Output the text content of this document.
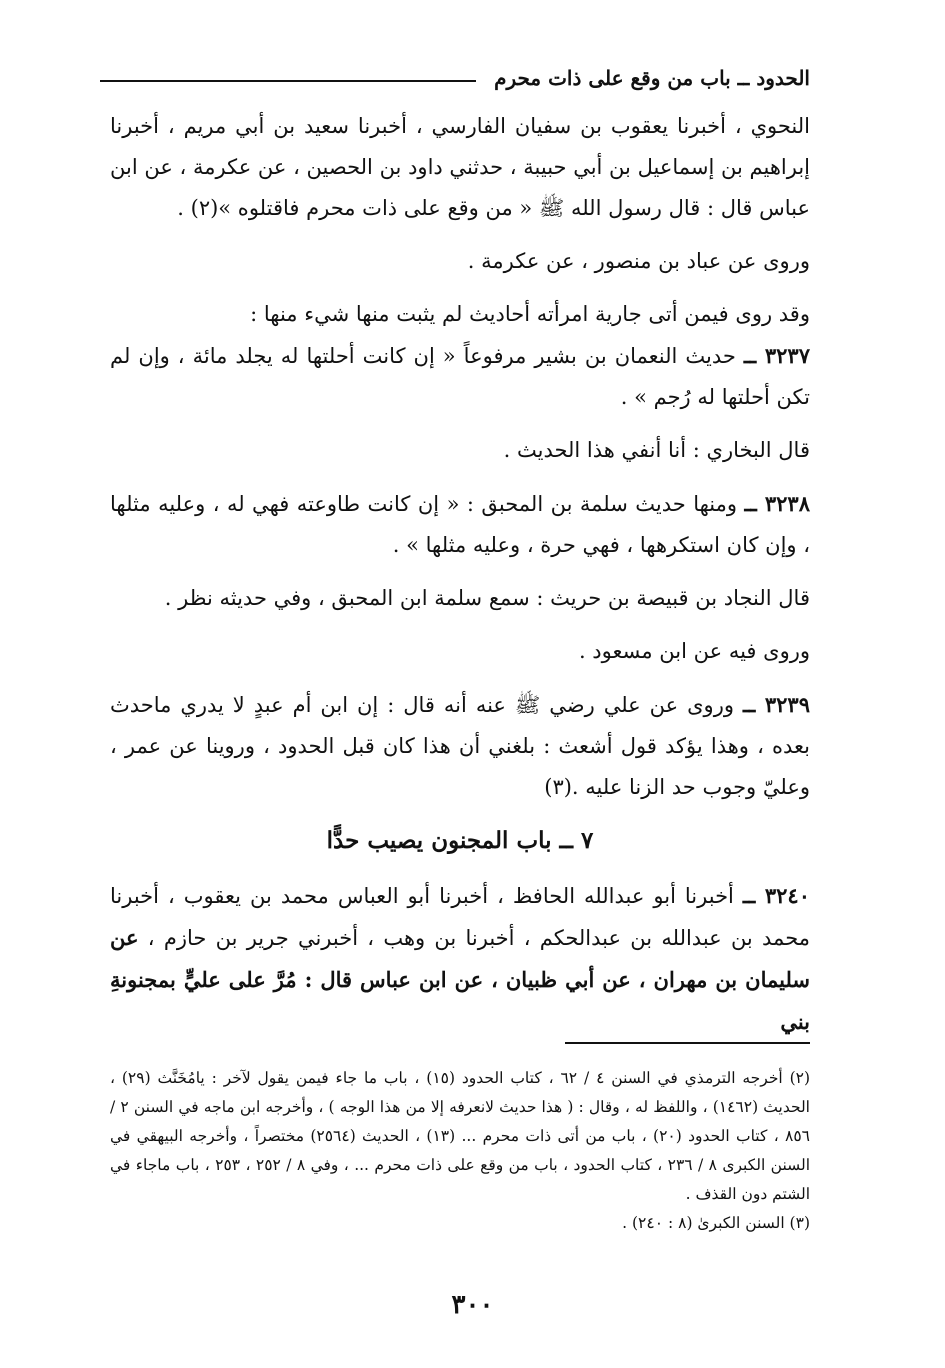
الحدود ــ باب من وقع على ذات محرم

النحوي ، أخبرنا يعقوب بن سفيان الفارسي ، أخبرنا سعيد بن أبي مريم ، أخبرنا إبراهيم بن إسماعيل بن أبي حبيبة ، حدثني داود بن الحصين ، عن عكرمة ، عن ابن عباس قال : قال رسول الله ﷺ « من وقع على ذات محرم فاقتلوه »(٢) .

وروى عن عباد بن منصور ، عن عكرمة .

وقد روى فيمن أتى جارية امرأته أحاديث لم يثبت منها شيء منها :

٣٢٣٧ ــ حديث النعمان بن بشير مرفوعاً « إن كانت أحلتها له يجلد مائة ، وإن لم تكن أحلتها له رُجم » .

قال البخاري : أنا أنفي هذا الحديث .

٣٢٣٨ ــ ومنها حديث سلمة بن المحبق : « إن كانت طاوعته فهي له ، وعليه مثلها ، وإن كان استكرهها ، فهي حرة ، وعليه مثلها » .

قال النجاد بن قبيصة بن حريث : سمع سلمة ابن المحبق ، وفي حديثه نظر .

وروى فيه عن ابن مسعود .

٣٢٣٩ ــ وروى عن علي رضي ﷺ عنه أنه قال : إن ابن أم عبدٍ لا يدري ماحدث بعده ، وهذا يؤكد قول أشعث : بلغني أن هذا كان قبل الحدود ، وروينا عن عمر ، وعليّ وجوب حد الزنا عليه .(٣)

٧ ــ باب المجنون يصيب حدًّا

٣٢٤٠ ــ أخبرنا أبو عبدالله الحافظ ، أخبرنا أبو العباس محمد بن يعقوب ، أخبرنا محمد بن عبدالله بن عبدالحكم ، أخبرنا بن وهب ، أخبرني جرير بن حازم ، عن سليمان بن مهران ، عن أبي ظبيان ، عن ابن عباس قال : مُرَّ على عليٍّ بمجنونةِ بني

(٢) أخرجه الترمذي في السنن ٤ / ٦٢ ، كتاب الحدود (١٥) ، باب ما جاء فيمن يقول لآخر : يامُخَنَّث (٢٩) ، الحديث (١٤٦٢) ، واللفظ له ، وقال : ( هذا حديث لانعرفه إلا من هذا الوجه ) ، وأخرجه ابن ماجه في السنن ٢ / ٨٥٦ ، كتاب الحدود (٢٠) ، باب من أتى ذات محرم ... (١٣) ، الحديث (٢٥٦٤) مختصراً ، وأخرجه البيهقي في السنن الكبرى ٨ / ٢٣٦ ، كتاب الحدود ، باب من وقع على ذات محرم ... ، وفي ٨ / ٢٥٢ ، ٢٥٣ ، باب ماجاء في الشتم دون القذف .

(٣) السنن الكبرىٰ (٨ : ٢٤٠) .

٣٠٠
